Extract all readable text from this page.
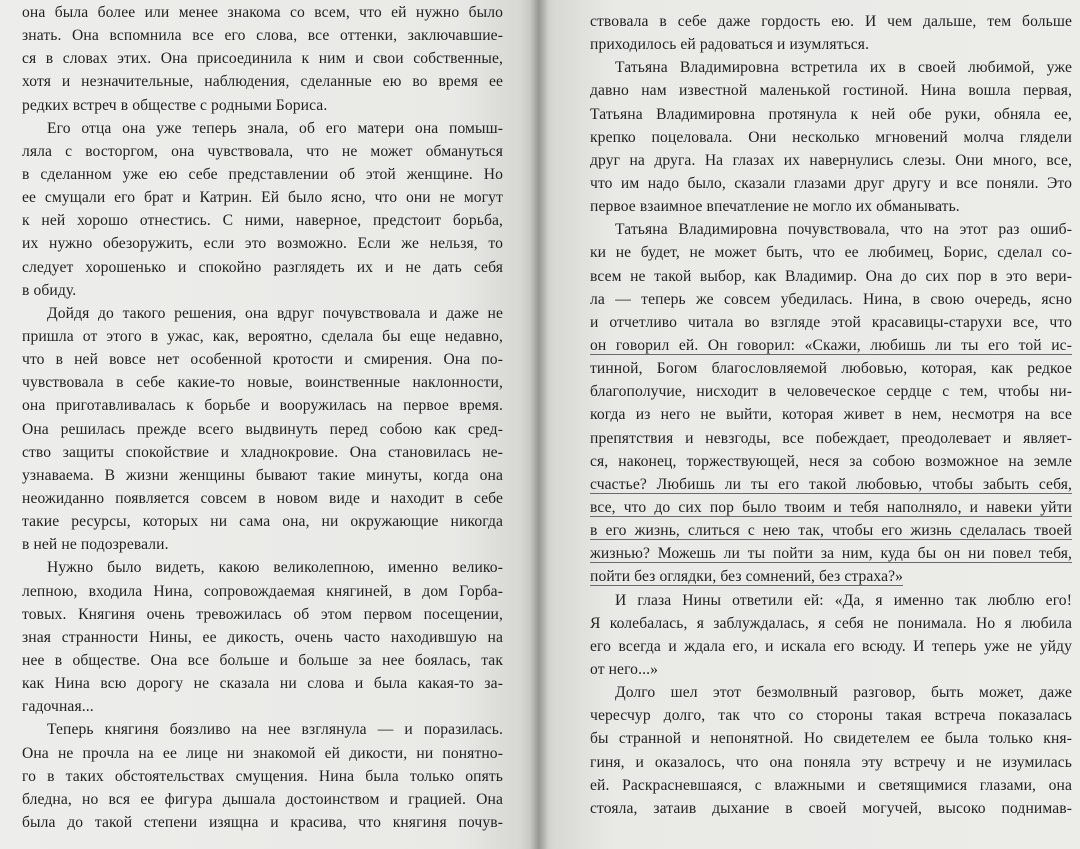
она была более или менее знакома со всем, что ей нужно было
знать. Она вспомнила все его слова, все оттенки, заключавшие-
ся в словах этих. Она присоединила к ним и свои собственные,
хотя и незначительные, наблюдения, сделанные ею во время ее
редких встреч в обществе с родными Бориса.
Его отца она уже теперь знала, об его матери она помыш-
ляла с восторгом, она чувствовала, что не может обмануться
в сделанном уже ею себе представлении об этой женщине. Но
ее смущали его брат и Катрин. Ей было ясно, что они не могут
к ней хорошо отнестись. С ними, наверное, предстоит борьба,
их нужно обезоружить, если это возможно. Если же нельзя, то
следует хорошенько и спокойно разглядеть их и не дать себя
в обиду.
Дойдя до такого решения, она вдруг почувствовала и даже не
пришла от этого в ужас, как, вероятно, сделала бы еще недавно,
что в ней вовсе нет особенной кротости и смирения. Она по-
чувствовала в себе какие-то новые, воинственные наклонности,
она приготавливалась к борьбе и вооружилась на первое время.
Она решилась прежде всего выдвинуть перед собою как сред-
ство защиты спокойствие и хладнокровие. Она становилась не-
узнаваема. В жизни женщины бывают такие минуты, когда она
неожиданно появляется совсем в новом виде и находит в себе
такие ресурсы, которых ни сама она, ни окружающие никогда
в ней не подозревали.
Нужно было видеть, какою великолепною, именно велико-
лепною, входила Нина, сопровождаемая княгиней, в дом Горба-
товых. Княгиня очень тревожилась об этом первом посещении,
зная странности Нины, ее дикость, очень часто находившую на
нее в обществе. Она все больше и больше за нее боялась, так
как Нина всю дорогу не сказала ни слова и была какая-то за-
гадочная...
Теперь княгиня боязливо на нее взглянула — и поразилась.
Она не прочла на ее лице ни знакомой ей дикости, ни понятно-
го в таких обстоятельствах смущения. Нина была только опять
бледна, но вся ее фигура дышала достоинством и грацией. Она
была до такой степени изящна и красива, что княгиня почув-
ствовала в себе даже гордость ею. И чем дальше, тем больше
приходилось ей радоваться и изумляться.
Татьяна Владимировна встретила их в своей любимой, уже
давно нам известной маленькой гостиной. Нина вошла первая,
Татьяна Владимировна протянула к ней обе руки, обняла ее,
крепко поцеловала. Они несколько мгновений молча глядели
друг на друга. На глазах их навернулись слезы. Они много, все,
что им надо было, сказали глазами друг другу и все поняли. Это
первое взаимное впечатление не могло их обманывать.
Татьяна Владимировна почувствовала, что на этот раз ошиб-
ки не будет, не может быть, что ее любимец, Борис, сделал со-
всем не такой выбор, как Владимир. Она до сих пор в это вери-
ла — теперь же совсем убедилась. Нина, в свою очередь, ясно
и отчетливо читала во взгляде этой красавицы-старухи все, что
он говорил ей. Он говорил: «Скажи, любишь ли ты его той ис-
тинной, Богом благословляемой любовью, которая, как редкое
благополучие, нисходит в человеческое сердце с тем, чтобы ни-
когда из него не выйти, которая живет в нем, несмотря на все
препятствия и невзгоды, все побеждает, преодолевает и являет-
ся, наконец, торжествующей, неся за собою возможное на земле
счастье? Любишь ли ты его такой любовью, чтобы забыть себя,
все, что до сих пор было твоим и тебя наполняло, и навеки уйти
в его жизнь, слиться с нею так, чтобы его жизнь сделалась твоей
жизнью? Можешь ли ты пойти за ним, куда бы он ни повел тебя,
пойти без оглядки, без сомнений, без страха?»
И глаза Нины ответили ей: «Да, я именно так люблю его!
Я колебалась, я заблуждалась, я себя не понимала. Но я любила
его всегда и ждала его, и искала его всюду. И теперь уже не уйду
от него...»
Долго шел этот безмолвный разговор, быть может, даже
чересчур долго, так что со стороны такая встреча показалась
бы странной и непонятной. Но свидетелем ее была только кня-
гиня, и оказалось, что она поняла эту встречу и не изумилась
ей. Раскрасневшаяся, с влажными и светящимися глазами, она
стояла, затаив дыхание в своей могучей, высоко поднимав-
